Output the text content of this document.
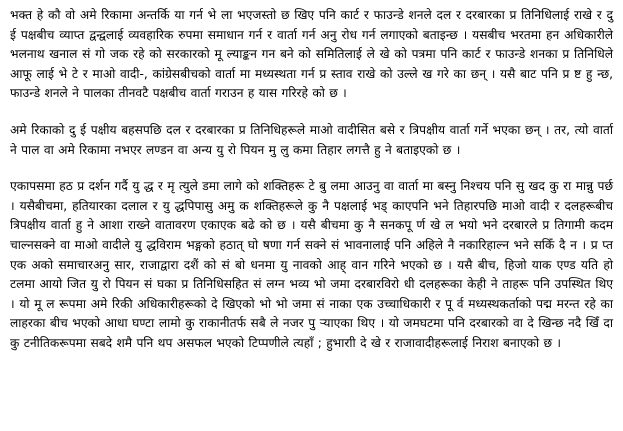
भक्त हे कौ वो अमे रिकामा अन्तर्कि या गर्न भे ला भएजस्तो छ खिए पनि कार्ट र फाउन्डे शनले दल र दरबारका प्र तिनिधिलाई राखे र दु ई पक्षबीच व्याप्त द्वन्द्वलाई व्यवहारिक रुपमा समाधान गर्न र वार्ता गर्न अनु रोध गर्न लगाएको बताइन्छ । यसबीच भरतमा हन अधिकारीले भलनाथ खनाल सं गो जक रहे को सरकारको मू ल्याङ्कन गन बने को समितिलाई ले खे को पत्रमा पनि कार्ट र फाउन्डे शनका प्र तिनिधिले आफू लाई भे टे र माओ वादी-, कांग्रेसबीचको वार्ता मा मध्यस्थता गर्न प्र स्ताव राखे को उल्ले ख गरे का छन् । यसै बाट पनि प्र ष्ट हु न्छ, फाउन्डे शनले ने पालका तीनवटै पक्षबीच वार्ता गराउन ह यास गरिरहे को छ ।

अमे रिकाको दु ई पक्षीय बहसपछि दल र दरबारका प्र तिनिधिहरूले माओ वादीसित बसे र त्रिपक्षीय वार्ता गर्ने भएका छन् । तर, त्यो वार्ता ने पाल वा अमे रिकामा नभएर लण्डन वा अन्य यु रो पियन मु लु कमा तिहार लगत्तै हु ने बताइएको छ ।

एकापसमा हठ प्र दर्शन गर्दै यु द्ध र मृ त्युले डमा लागे को शक्तिहरू टे बु लमा आउनु वा वार्ता मा बस्नु निश्चय पनि सु खद कु रा मान्नु पर्छ । यसैबीचमा, हतियारका दलाल र यु द्धपिपासु अमु क शक्तिहरूले कु नै पक्षलाई भड् काएपनि भने तिहारपछि माओ वादी र दलहरूबीच त्रिपक्षीय वार्ता हु ने आशा राख्ने वातावरण एकाएक बढे को छ । यसै बीचमा कु नै सनकपू र्ण खे ल भयो भने दरबारले प्र तिगामी कदम चाल्नसक्ने वा माओ वादीले यु द्धविराम भङ्गको हठात् घो षणा गर्न सक्ने सं भावनालाई पनि अहिले नै नकारिहाल्न भने सकिँ दै न । प्र प्त एक अको समाचारअनु सार, राजाद्वारा दशैं को सं बो धनमा यु नावको आह् वान गरिने भएको छ । यसै बीच, हिजो याक एण्ड यति हो टलमा आयो जित यु रो पियन सं घका प्र तिनिधिसहित सं लग्न भव्य भो जमा दरबारविरो धी दलहरूका केही ने ताहरू पनि उपस्थित थिए । यो मू ल रूपमा अमे रिकी अधिकारीहरूको दे खिएको भो भो जमा सं नाका एक उच्चाधिकारी र पू र्व मध्यस्थकर्ताको पद्म मरन्त रहे का लाहरका बीच भएको आधा घण्टा लामो कु राकानीतर्फ सबै ले नजर पु ऱ्याएका थिए । यो जमघटमा पनि दरबारको वा दे खिन्छ नदै खिँ दा कु टनीतिकरूपमा सबदे शमै पनि थप असफल भएको टिप्पणीले त्यहाँ ; हुभाराी दे खे र राजावादीहरूलाई निराश बनाएको छ ।
